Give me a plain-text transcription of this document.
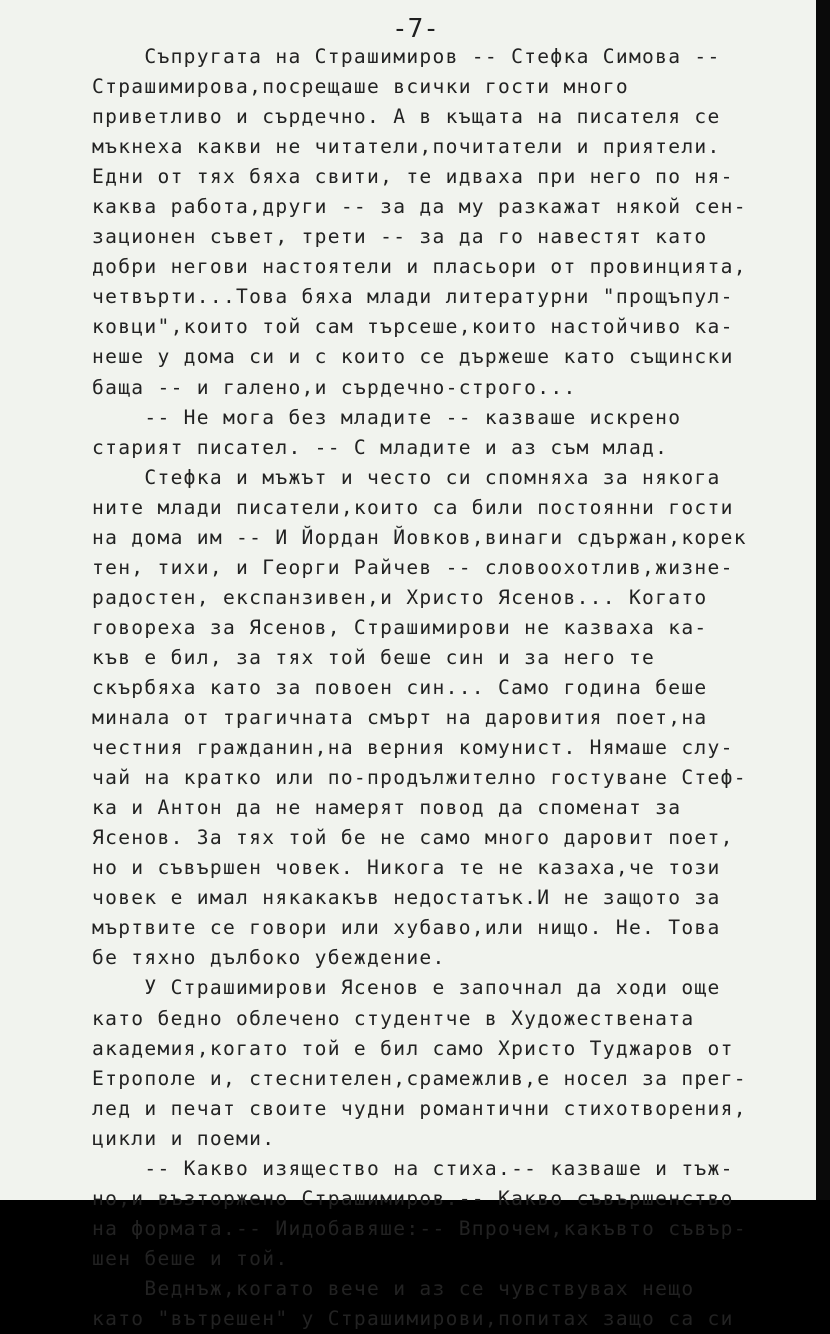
-7-
Съпругата на Страшимиров -- Стефка Симова --
Страшимирова,посрещаше всички гости много
приветливо и сърдечно. А в къщата на писателя се
мъкнеха какви не читатели,почитатели и приятели.
Едни от тях бяха свити, те идваха при него по ня-
каква работа,други -- за да му разкажат някой сен-
зационен съвет, трети -- за да го навестят като
добри негови настоятели и пласьори от провинцията,
четвърти...Това бяха млади литературни "прощъпул-
ковци",които той сам търсеше,които настойчиво ка-
неше у дома си и с които се държеше като същински
баща -- и галено,и сърдечно-строго...
-- Не мога без младите -- казваше искрено
старият писател. -- С младите и аз съм млад.
Стефка и мъжът и често си спомняха за някога
ните млади писатели,които са били постоянни гости
на дома им -- И Йордан Йовков,винаги сдържан,корек
тен, тихи, и Георги Райчев -- словоохотлив,жизне-
радостен, експанзивен,и Христо Ясенов... Когато
говореха за Ясенов, Страшимирови не казваха ка-
къв е бил, за тях той беше син и за него те
скърбяха като за повоен син... Само година беше
минала от трагичната смърт на даровития поет,на
честния гражданин,на верния комунист. Нямаше слу-
чай на кратко или по-продължително гостуване Стеф-
ка и Антон да не намерят повод да споменат за
Ясенов. За тях той бе не само много даровит поет,
но и съвършен човек. Никога те не казаха,че този
човек е имал някакакъв недостатък.И не защото за
мъртвите се говори или хубаво,или нищо. Не. Това
бе тяхно дълбоко убеждение.
У Страшимирови Ясенов е започнал да ходи още
като бедно облечено студентче в Художествената
академия,когато той е бил само Христо Туджаров от
Етрополе и, стеснителен,срамежлив,е носел за прег-
лед и печат своите чудни романтични стихотворения,
цикли и поеми.
-- Какво изящество на стиха.-- казваше и тъж-
но,и възторжено Страшимиров.-- Какво съвършенство
на формата.-- Иидобавяше:-- Впрочем,какъвто съвър-
шен беше и той.
Веднъж,когато вече и аз се чувствувах нещо
като "вътрешен" у Страшимирови,попитах защо са си
